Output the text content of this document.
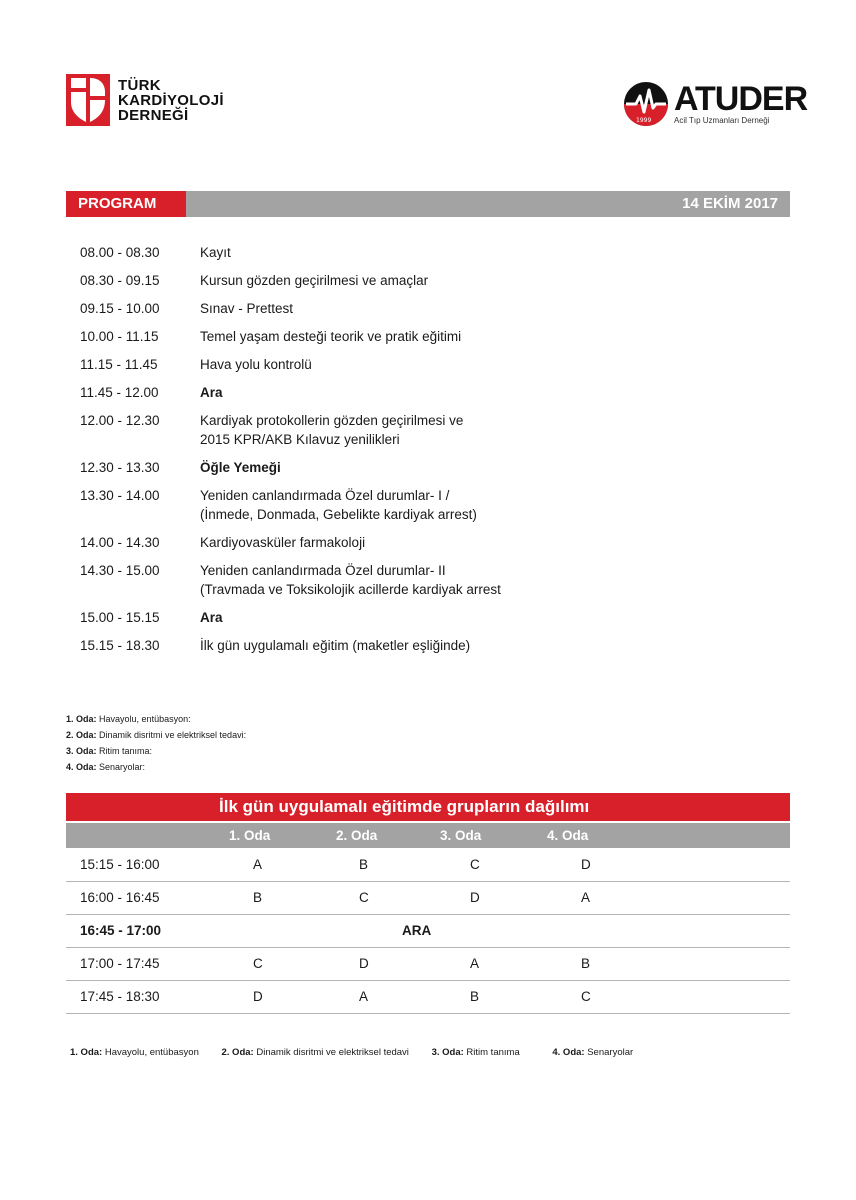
TÜRK
KARDİYOLOJİ
DERNEĞİ	1999
ATUDER
Acil Tıp Uzmanları Derneği
PROGRAM	14 EKİM 2017
08.00 - 08.30	Kayıt
08.30 - 09.15	Kursun gözden geçirilmesi ve amaçlar
09.15 - 10.00	Sınav - Prettest
10.00 - 11.15	Temel yaşam desteği teorik ve pratik eğitimi
11.15 - 11.45	Hava yolu kontrolü
11.45 - 12.00	Ara
12.00 - 12.30	Kardiyak protokollerin gözden geçirilmesi ve
2015 KPR/AKB Kılavuz yenilikleri
12.30 - 13.30	Öğle Yemeği
13.30 - 14.00	Yeniden canlandırmada Özel durumlar- I /
(İnmede, Donmada, Gebelikte kardiyak arrest)
14.00 - 14.30	Kardiyovasküler farmakoloji
14.30 - 15.00	Yeniden canlandırmada Özel durumlar- II
(Travmada ve Toksikolojik acillerde kardiyak arrest
15.00 - 15.15	Ara
15.15 - 18.30	İlk gün uygulamalı eğitim (maketler eşliğinde)
1. Oda: Havayolu, entübasyon:
2. Oda: Dinamik disritmi ve elektriksel tedavi:
3. Oda: Ritim tanıma:
4. Oda: Senaryolar:
İlk gün uygulamalı eğitimde grupların dağılımı
1. Oda	2. Oda	3. Oda	4. Oda
15:15 - 16:00	A	B	C	D
16:00 - 16:45	B	C	D	A
16:45 - 17:00	ARA
17:00 - 17:45	C	D	A	B
17:45 - 18:30	D	A	B	C
1. Oda: Havayolu, entübasyon 2. Oda: Dinamik disritmi ve elektriksel tedavi 3. Oda: Ritim tanıma	4. Oda: Senaryolar
